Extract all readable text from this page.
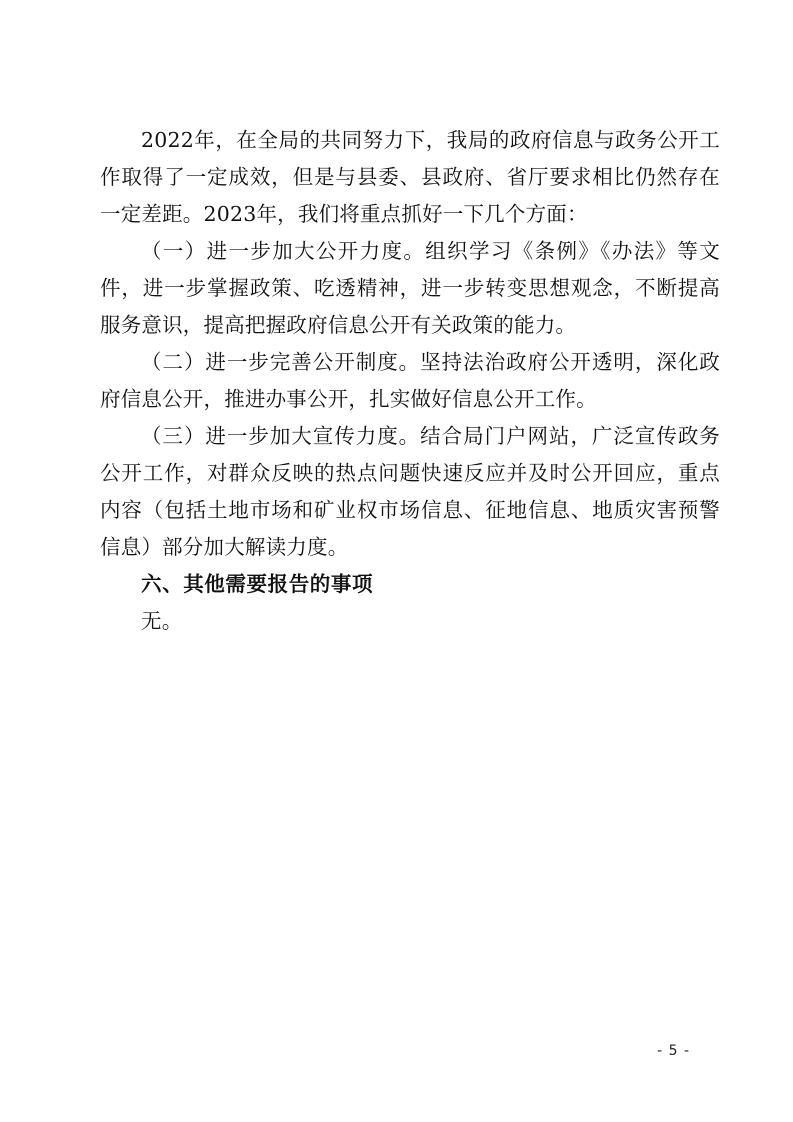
2022年，在全局的共同努力下，我局的政府信息与政务公开工作取得了一定成效，但是与县委、县政府、省厅要求相比仍然存在一定差距。2023年，我们将重点抓好一下几个方面：

（一）进一步加大公开力度。组织学习《条例》《办法》等文件，进一步掌握政策、吃透精神，进一步转变思想观念，不断提高服务意识，提高把握政府信息公开有关政策的能力。

（二）进一步完善公开制度。坚持法治政府公开透明，深化政府信息公开，推进办事公开，扎实做好信息公开工作。

（三）进一步加大宣传力度。结合局门户网站，广泛宣传政务公开工作，对群众反映的热点问题快速反应并及时公开回应，重点内容（包括土地市场和矿业权市场信息、征地信息、地质灾害预警信息）部分加大解读力度。

六、其他需要报告的事项

无。

- 5 -
